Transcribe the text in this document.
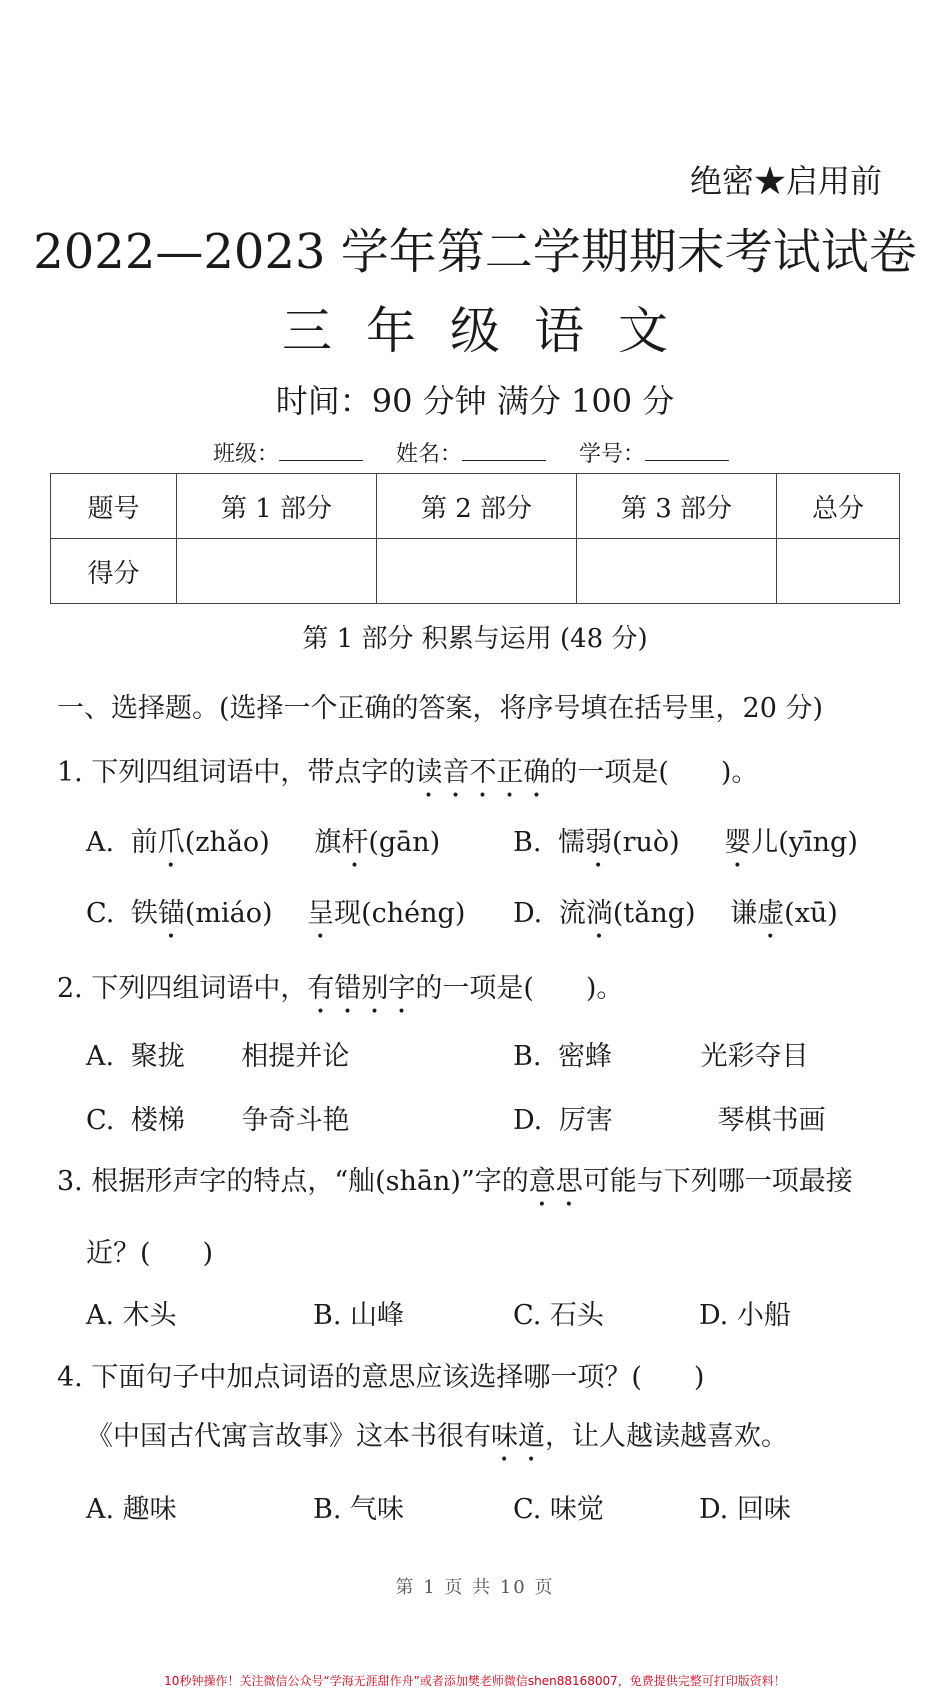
绝密★启用前
2022—2023 学年第二学期期末考试试卷
三年级语文
时间：90 分钟 满分 100 分
班级：	姓名：	学号：
题号	第 1 部分	第 2 部分	第 3 部分	总分
得分				
第 1 部分 积累与运用 (48 分)
一、选择题。(选择一个正确的答案，将序号填在括号里，20 分)
1. 下列四组词语中，带点字的读音不正确的一项是( )。
A. 前爪(zhǎo) 旗杆(gān)	B. 懦弱(ruò) 婴儿(yīng)
C. 铁锚(miáo) 呈现(chéng) D. 流淌(tǎng) 谦虚(xū)
2. 下列四组词语中，有错别字的一项是( )。
A. 聚拢 相提并论	B. 密蜂	光彩夺目
C. 楼梯 争奇斗艳	D. 厉害	琴棋书画
3. 根据形声字的特点，“舢(shān)”字的意思可能与下列哪一项最接
近？( )
A. 木头	B. 山峰	C. 石头	D. 小船
4. 下面句子中加点词语的意思应该选择哪一项？( )
《中国古代寓言故事》这本书很有味道，让人越读越喜欢。
A. 趣味	B. 气味	C. 味觉	D. 回味
第 1 页 共 10 页
10秒钟操作！关注微信公众号“学海无涯甜作舟”或者添加樊老师微信shen88168007，免费提供完整可打印版资料！
